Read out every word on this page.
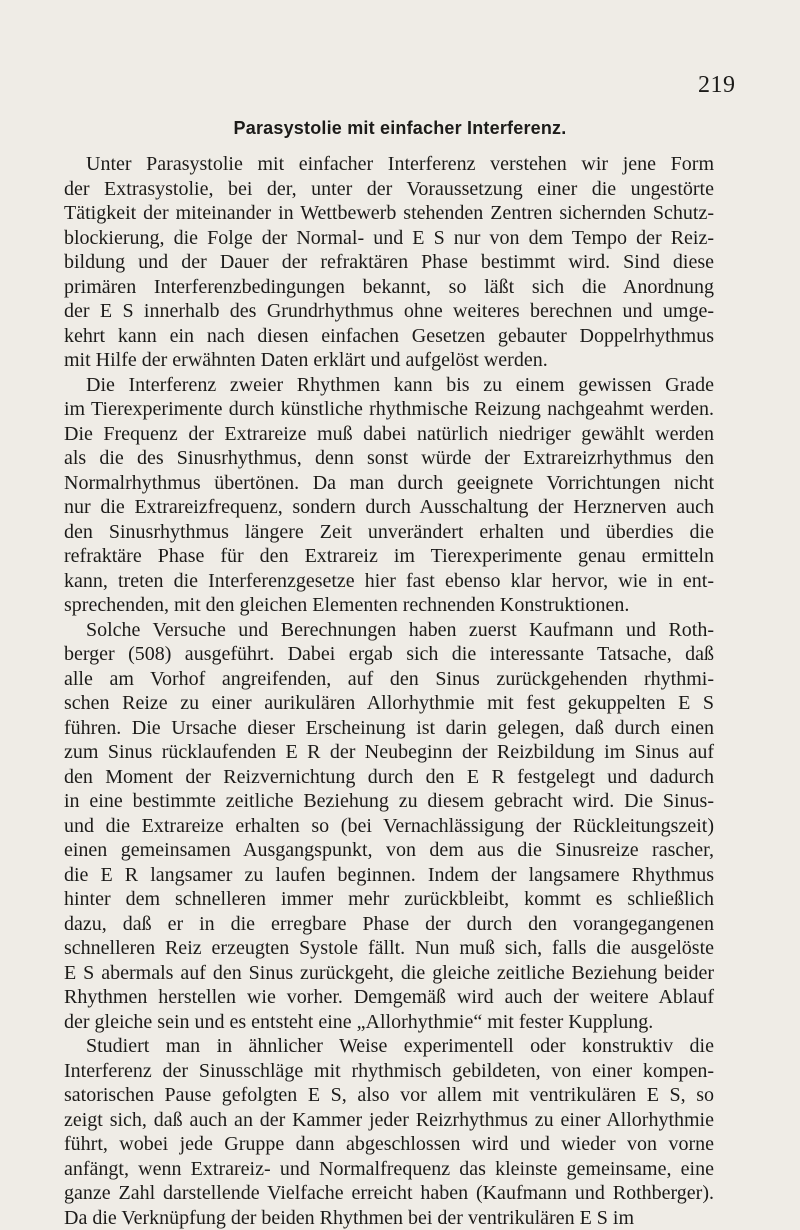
219
Parasystolie mit einfacher Interferenz.
Unter Parasystolie mit einfacher Interferenz verstehen wir jene Form
der Extrasystolie, bei der, unter der Voraussetzung einer die ungestörte
Tätigkeit der miteinander in Wettbewerb stehenden Zentren sichernden Schutz-
blockierung, die Folge der Normal- und E S nur von dem Tempo der Reiz-
bildung und der Dauer der refraktären Phase bestimmt wird. Sind diese
primären Interferenzbedingungen bekannt, so läßt sich die Anordnung
der E S innerhalb des Grundrhythmus ohne weiteres berechnen und umge-
kehrt kann ein nach diesen einfachen Gesetzen gebauter Doppelrhythmus
mit Hilfe der erwähnten Daten erklärt und aufgelöst werden.
Die Interferenz zweier Rhythmen kann bis zu einem gewissen Grade
im Tierexperimente durch künstliche rhythmische Reizung nachgeahmt werden.
Die Frequenz der Extrareize muß dabei natürlich niedriger gewählt werden
als die des Sinusrhythmus, denn sonst würde der Extrareizrhythmus den
Normalrhythmus übertönen. Da man durch geeignete Vorrichtungen nicht
nur die Extrareizfrequenz, sondern durch Ausschaltung der Herznerven auch
den Sinusrhythmus längere Zeit unverändert erhalten und überdies die
refraktäre Phase für den Extrareiz im Tierexperimente genau ermitteln
kann, treten die Interferenzgesetze hier fast ebenso klar hervor, wie in ent-
sprechenden, mit den gleichen Elementen rechnenden Konstruktionen.
Solche Versuche und Berechnungen haben zuerst Kaufmann und Roth-
berger (508) ausgeführt. Dabei ergab sich die interessante Tatsache, daß
alle am Vorhof angreifenden, auf den Sinus zurückgehenden rhythmi-
schen Reize zu einer aurikulären Allorhythmie mit fest gekuppelten E S
führen. Die Ursache dieser Erscheinung ist darin gelegen, daß durch einen
zum Sinus rücklaufenden E R der Neubeginn der Reizbildung im Sinus auf
den Moment der Reizvernichtung durch den E R festgelegt und dadurch
in eine bestimmte zeitliche Beziehung zu diesem gebracht wird. Die Sinus-
und die Extrareize erhalten so (bei Vernachlässigung der Rückleitungszeit)
einen gemeinsamen Ausgangspunkt, von dem aus die Sinusreize rascher,
die E R langsamer zu laufen beginnen. Indem der langsamere Rhythmus
hinter dem schnelleren immer mehr zurückbleibt, kommt es schließlich
dazu, daß er in die erregbare Phase der durch den vorangegangenen
schnelleren Reiz erzeugten Systole fällt. Nun muß sich, falls die ausgelöste
E S abermals auf den Sinus zurückgeht, die gleiche zeitliche Beziehung beider
Rhythmen herstellen wie vorher. Demgemäß wird auch der weitere Ablauf
der gleiche sein und es entsteht eine „Allorhythmie“ mit fester Kupplung.
Studiert man in ähnlicher Weise experimentell oder konstruktiv die
Interferenz der Sinusschläge mit rhythmisch gebildeten, von einer kompen-
satorischen Pause gefolgten E S, also vor allem mit ventrikulären E S, so
zeigt sich, daß auch an der Kammer jeder Reizrhythmus zu einer Allorhythmie
führt, wobei jede Gruppe dann abgeschlossen wird und wieder von vorne
anfängt, wenn Extrareiz- und Normalfrequenz das kleinste gemeinsame, eine
ganze Zahl darstellende Vielfache erreicht haben (Kaufmann und Rothberger).
Da die Verknüpfung der beiden Rhythmen bei der ventrikulären E S im
